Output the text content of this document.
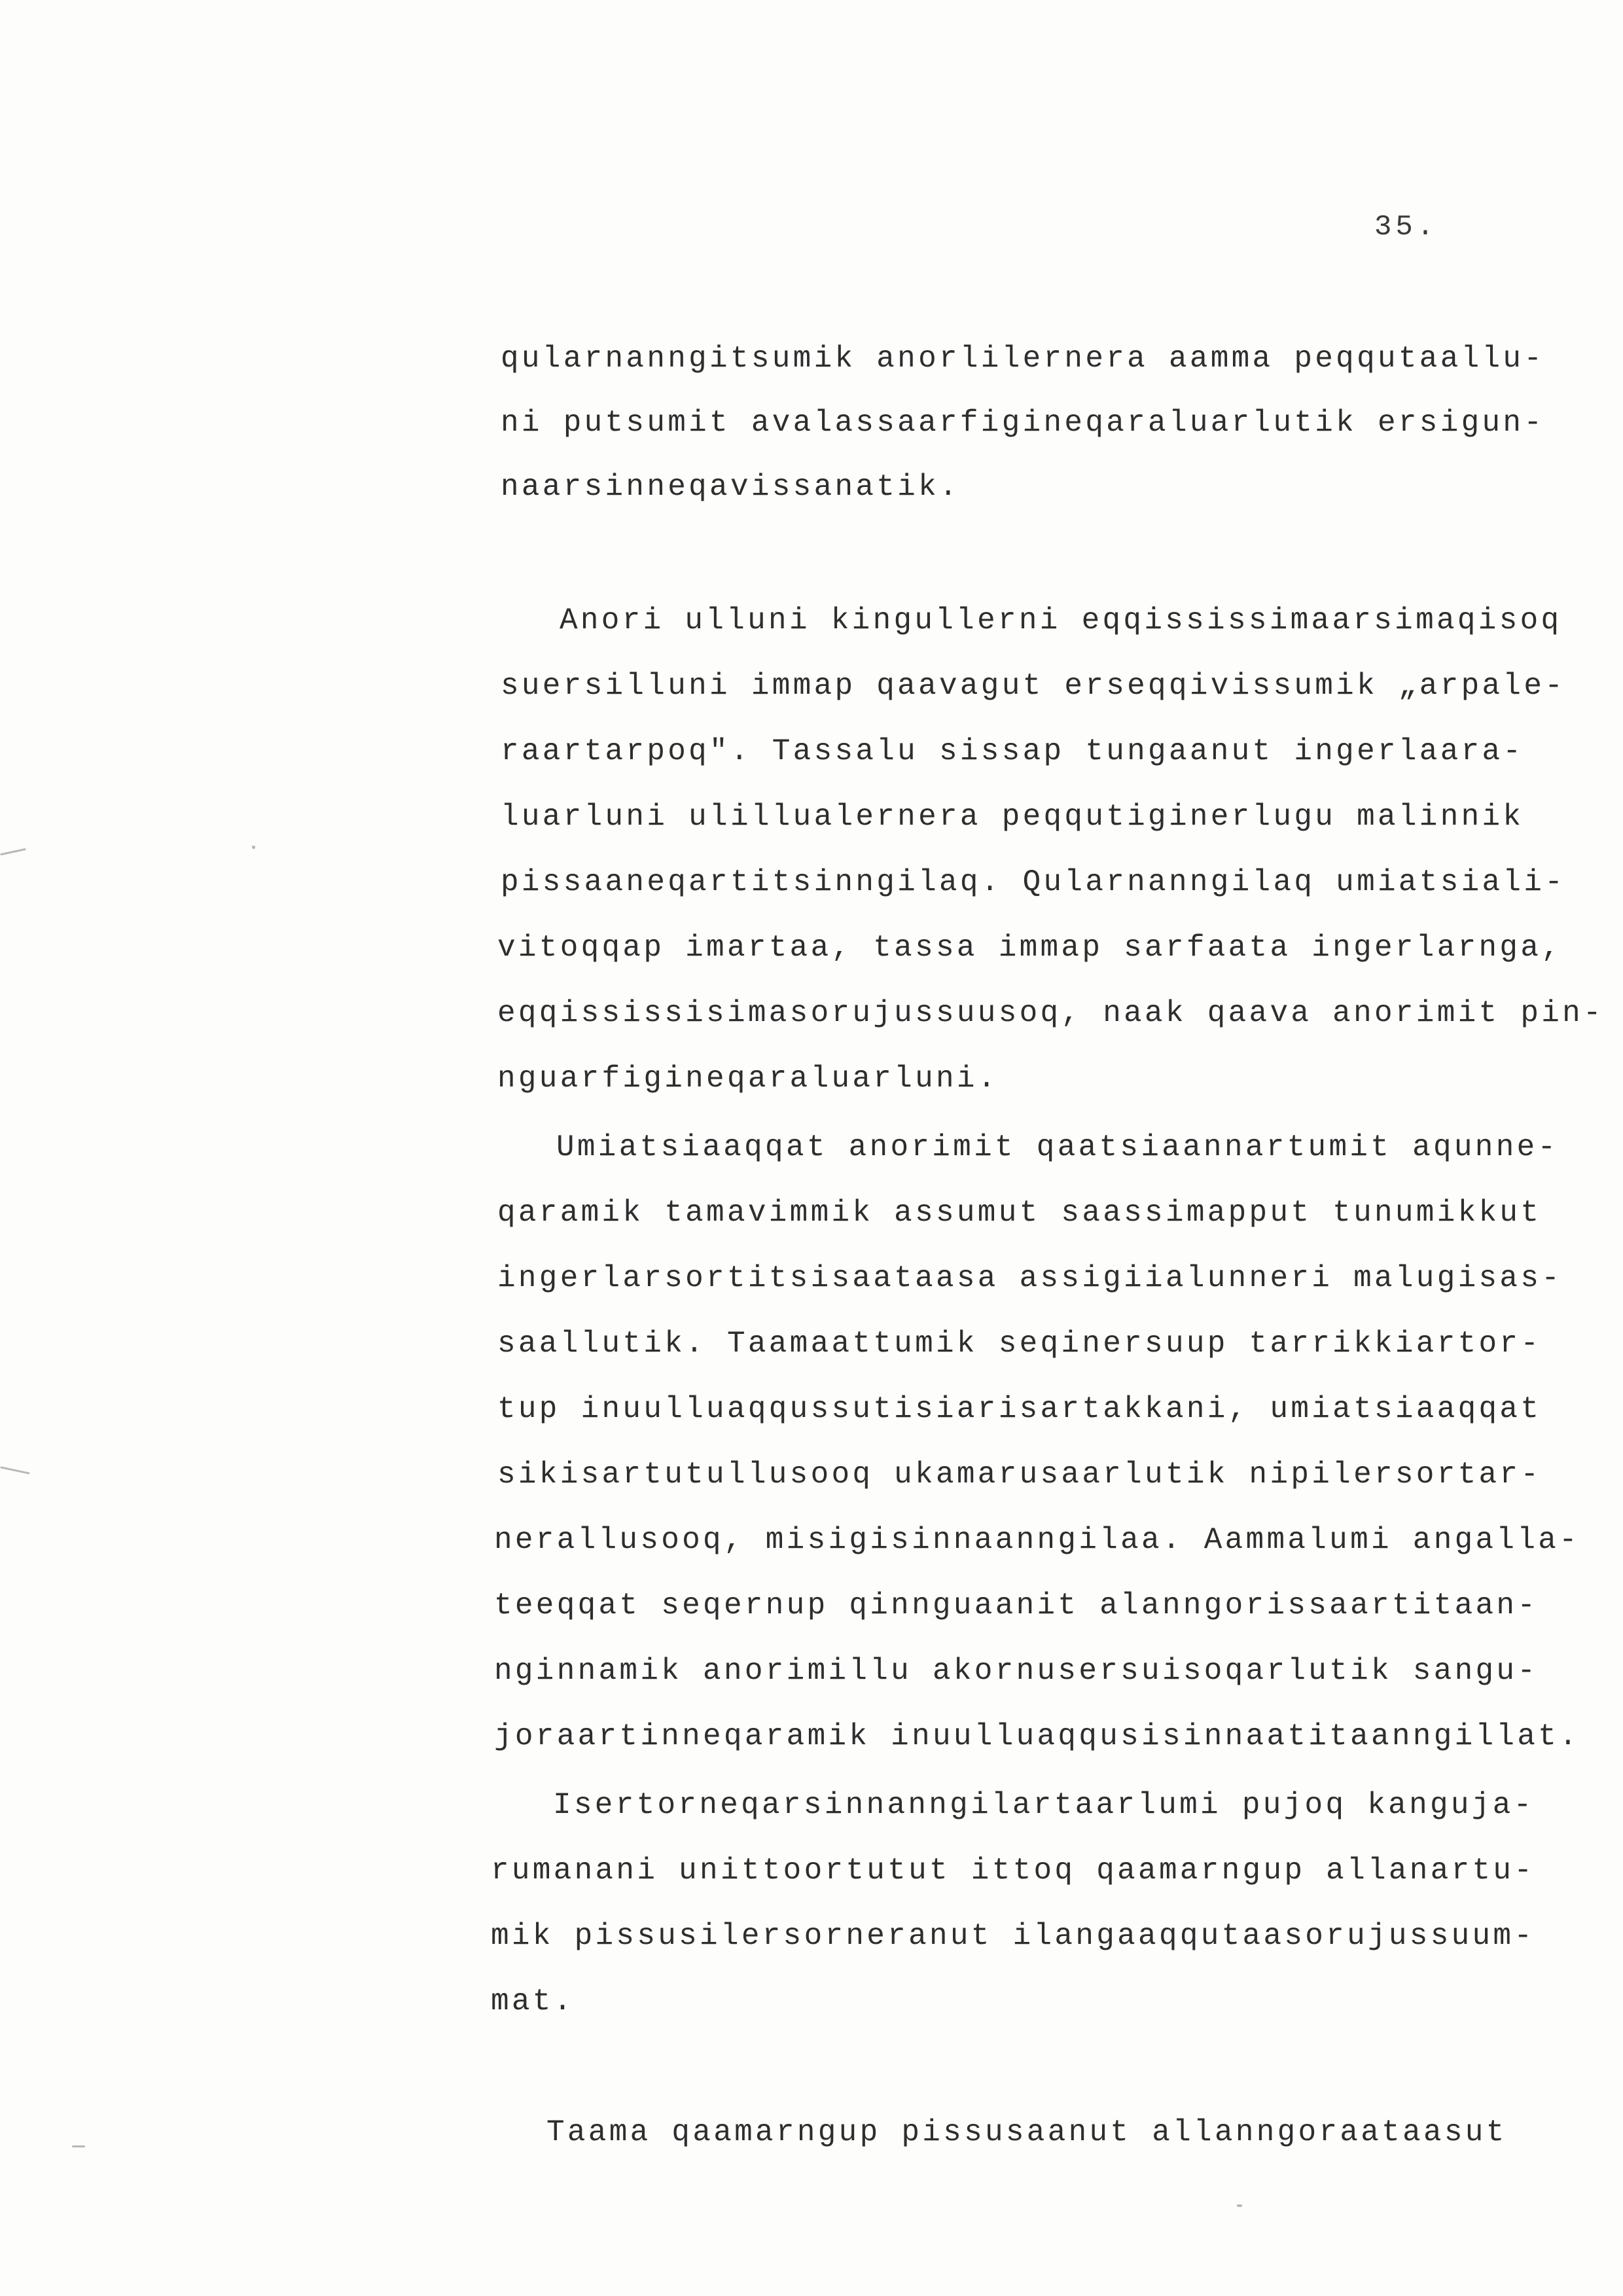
35.
qularnanngitsumik anorlilernera aamma peqqutaallu-
ni putsumit avalassaarfigineqaraluarlutik ersigun-
naarsinneqavissanatik.
Anori ulluni kingullerni eqqississimaarsimaqisoq
suersilluni immap qaavagut erseqqivissumik „arpale-
raartarpoq". Tassalu sissap tungaanut ingerlaara-
luarluni ulillualernera peqqutiginerlugu malinnik
pissaaneqartitsinngilaq. Qularnanngilaq umiatsiali-
vitoqqap imartaa, tassa immap sarfaata ingerlarnga,
eqqississisimasorujussuusoq, naak qaava anorimit pin-
nguarfigineqaraluarluni.
Umiatsiaaqqat anorimit qaatsiaannartumit aqunne-
qaramik tamavimmik assumut saassimapput tunumikkut
ingerlarsortitsisaataasa assigiialunneri malugisas-
saallutik. Taamaattumik seqinersuup tarrikkiartor-
tup inuulluaqqussutisiarisartakkani, umiatsiaaqqat
sikisartutullusooq ukamarusaarlutik nipilersortar-
nerallusooq, misigisinnaanngilaa. Aammalumi angalla-
teeqqat seqernup qinnguaanit alanngorissaartitaan-
nginnamik anorimillu akornusersuisoqarlutik sangu-
joraartinneqaramik inuulluaqqusisinnaatitaanngillat.
Isertorneqarsinnanngilartaarlumi pujoq kanguja-
rumanani unittoortutut ittoq qaamarngup allanartu-
mik pissusilersorneranut ilangaaqqutaasorujussuum-
mat.
Taama qaamarngup pissusaanut allanngoraataasut
